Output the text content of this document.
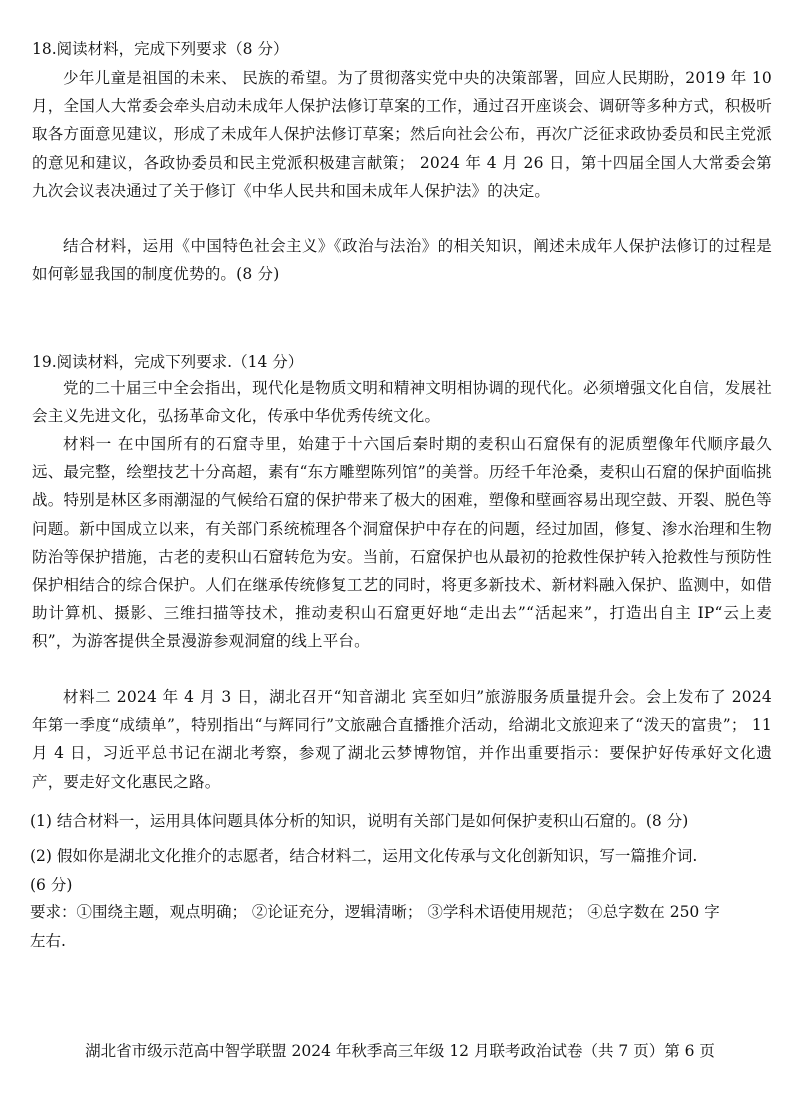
18.阅读材料，完成下列要求（8 分）
少年儿童是祖国的未来、 民族的希望。为了贯彻落实党中央的决策部署，回应人民期盼，2019 年 10 月，全国人大常委会牵头启动未成年人保护法修订草案的工作，通过召开座谈会、调研等多种方式，积极听取各方面意见建议，形成了未成年人保护法修订草案；然后向社会公布，再次广泛征求政协委员和民主党派的意见和建议，各政协委员和民主党派积极建言献策； 2024 年 4 月 26 日，第十四届全国人大常委会第九次会议表决通过了关于修订《中华人民共和国未成年人保护法》的决定。
结合材料，运用《中国特色社会主义》《政治与法治》的相关知识，阐述未成年人保护法修订的过程是如何彰显我国的制度优势的。(8 分)
19.阅读材料，完成下列要求.（14 分）
党的二十届三中全会指出，现代化是物质文明和精神文明相协调的现代化。必须增强文化自信，发展社会主义先进文化，弘扬革命文化，传承中华优秀传统文化。
材料一 在中国所有的石窟寺里，始建于十六国后秦时期的麦积山石窟保有的泥质塑像年代顺序最久远、最完整，绘塑技艺十分高超，素有“东方雕塑陈列馆”的美誉。历经千年沧桑，麦积山石窟的保护面临挑战。特别是林区多雨潮湿的气候给石窟的保护带来了极大的困难，塑像和壁画容易出现空鼓、开裂、脱色等问题。新中国成立以来，有关部门系统梳理各个洞窟保护中存在的问题，经过加固，修复、渗水治理和生物防治等保护措施，古老的麦积山石窟转危为安。当前，石窟保护也从最初的抢救性保护转入抢救性与预防性保护相结合的综合保护。人们在继承传统修复工艺的同时，将更多新技术、新材料融入保护、监测中，如借助计算机、摄影、三维扫描等技术，推动麦积山石窟更好地“走出去”“活起来”，打造出自主 IP“云上麦积”，为游客提供全景漫游参观洞窟的线上平台。
材料二 2024 年 4 月 3 日，湖北召开“知音湖北 宾至如归”旅游服务质量提升会。会上发布了 2024 年第一季度“成绩单”，特别指出“与辉同行”文旅融合直播推介活动，给湖北文旅迎来了“泼天的富贵”； 11 月 4 日，习近平总书记在湖北考察，参观了湖北云梦博物馆，并作出重要指示：要保护好传承好文化遗产，要走好文化惠民之路。
(1) 结合材料一，运用具体问题具体分析的知识，说明有关部门是如何保护麦积山石窟的。(8 分)
(2) 假如你是湖北文化推介的志愿者，结合材料二，运用文化传承与文化创新知识，写一篇推介词.
(6 分)
要求：①围绕主题，观点明确； ②论证充分，逻辑清晰； ③学科术语使用规范； ④总字数在 250 字
左右.
湖北省市级示范高中智学联盟 2024 年秋季高三年级 12 月联考政治试卷（共 7 页）第 6 页
